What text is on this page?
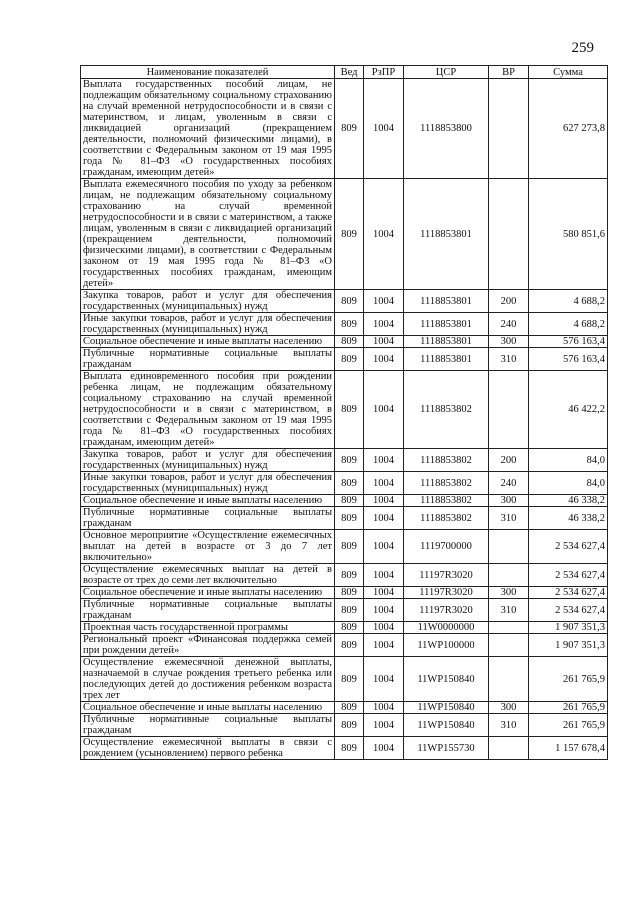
259
Наименование показателей	Вед	РзПР	ЦСР	ВР	Сумма
Выплата государственных пособий лицам, не подлежащим обязательному социальному страхованию на случай временной нетрудоспособности и в связи с материнством, и лицам, уволенным в связи с ликвидацией организаций (прекращением деятельности, полномочий физическими лицами), в соответствии с Федеральным законом от 19 мая 1995 года № 81–ФЗ «О государственных пособиях гражданам, имеющим детей»	809	1004	1118853800		627 273,8
Выплата ежемесячного пособия по уходу за ребенком лицам, не подлежащим обязательному социальному страхованию на случай временной нетрудоспособности и в связи с материнством, а также лицам, уволенным в связи с ликвидацией организаций (прекращением деятельности, полномочий физическими лицами), в соответствии с Федеральным законом от 19 мая 1995 года № 81–ФЗ «О государственных пособиях гражданам, имеющим детей»	809	1004	1118853801		580 851,6
Закупка товаров, работ и услуг для обеспечения государственных (муниципальных) нужд	809	1004	1118853801	200	4 688,2
Иные закупки товаров, работ и услуг для обеспечения государственных (муниципальных) нужд	809	1004	1118853801	240	4 688,2
Социальное обеспечение и иные выплаты населению	809	1004	1118853801	300	576 163,4
Публичные нормативные социальные выплаты гражданам	809	1004	1118853801	310	576 163,4
Выплата единовременного пособия при рождении ребенка лицам, не подлежащим обязательному социальному страхованию на случай временной нетрудоспособности и в связи с материнством, в соответствии с Федеральным законом от 19 мая 1995 года № 81–ФЗ «О государственных пособиях гражданам, имеющим детей»	809	1004	1118853802		46 422,2
Закупка товаров, работ и услуг для обеспечения государственных (муниципальных) нужд	809	1004	1118853802	200	84,0
Иные закупки товаров, работ и услуг для обеспечения государственных (муниципальных) нужд	809	1004	1118853802	240	84,0
Социальное обеспечение и иные выплаты населению	809	1004	1118853802	300	46 338,2
Публичные нормативные социальные выплаты гражданам	809	1004	1118853802	310	46 338,2
Основное мероприятие «Осуществление ежемесячных выплат на детей в возрасте от 3 до 7 лет включительно»	809	1004	1119700000		2 534 627,4
Осуществление ежемесячных выплат на детей в возрасте от трех до семи лет включительно	809	1004	11197R3020		2 534 627,4
Социальное обеспечение и иные выплаты населению	809	1004	11197R3020	300	2 534 627,4
Публичные нормативные социальные выплаты гражданам	809	1004	11197R3020	310	2 534 627,4
Проектная часть государственной программы	809	1004	11W0000000		1 907 351,3
Региональный проект «Финансовая поддержка семей при рождении детей»	809	1004	11WP100000		1 907 351,3
Осуществление ежемесячной денежной выплаты, назначаемой в случае рождения третьего ребенка или последующих детей до достижения ребенком возраста трех лет	809	1004	11WP150840		261 765,9
Социальное обеспечение и иные выплаты населению	809	1004	11WP150840	300	261 765,9
Публичные нормативные социальные выплаты гражданам	809	1004	11WP150840	310	261 765,9
Осуществление ежемесячной выплаты в связи с рождением (усыновлением) первого ребенка	809	1004	11WP155730		1 157 678,4
